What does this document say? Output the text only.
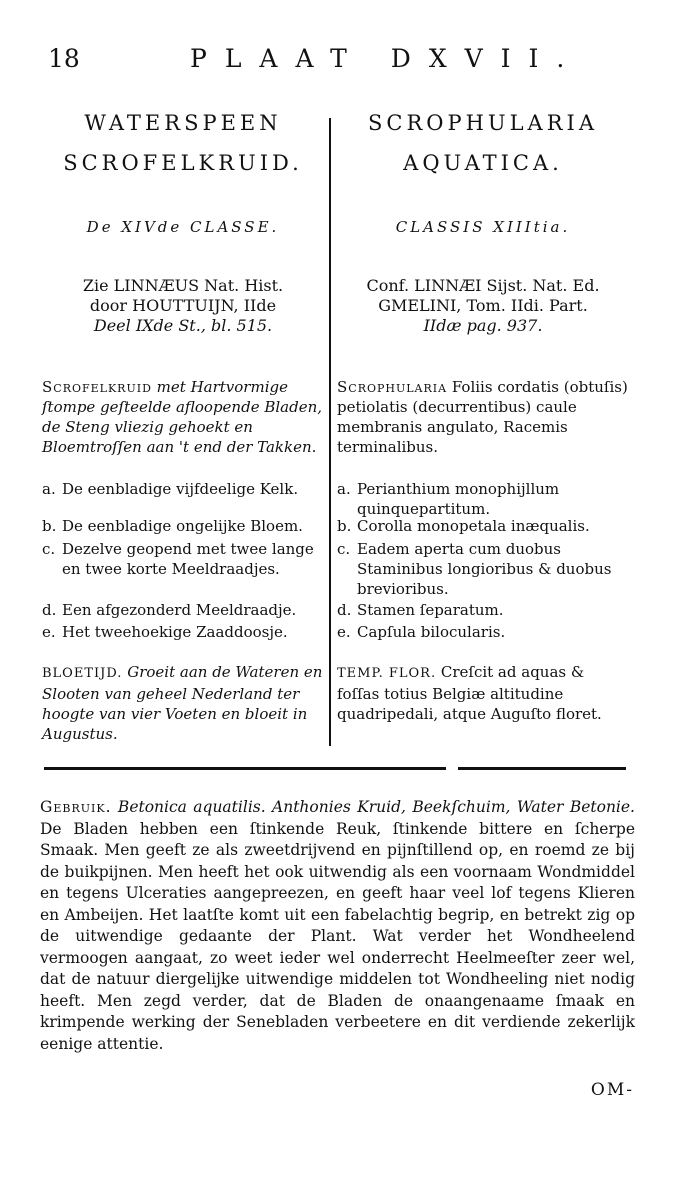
18	PLAAT DXVII.
WATERSPEEN
SCROFELKRUID.
De XIVde CLASSE.
Zie LINNÆUS Nat. Hist.
door HOUTTUIJN, IIde
Deel IXde St., bl. 515.
Scrofelkruid met Hartvormige ſtompe geſteelde afloopende Bladen, de Steng vliezig gehoekt en Bloemtroſſen aan 't end der Takken.
a. De eenbladige vijfdeelige Kelk.
b. De eenbladige ongelijke Bloem.
c. Dezelve geopend met twee lange en twee korte Meeldraadjes.
d. Een afgezonderd Meeldraadje.
e. Het tweehoekige Zaaddoosje.
BLOETIJD. Groeit aan de Wateren en Slooten van geheel Nederland ter hoogte van vier Voeten en bloeit in Augustus.
SCROPHULARIA
AQUATICA.
CLASSIS XIIItia.
Conf. LINNÆI Sijst. Nat. Ed.
GMELINI, Tom. IIdi. Part.
IIdæ pag. 937.
Scrophularia Foliis cordatis (obtuſis) petiolatis (decurrentibus) caule membranis angulato, Racemis terminalibus.
a. Perianthium monophijllum quinquepartitum.
b. Corolla monopetala inæqualis.
c. Eadem aperta cum duobus Staminibus longioribus & duobus brevioribus.
d. Stamen ſeparatum.
e. Capſula bilocularis.
TEMP. FLOR. Creſcit ad aquas & foſſas totius Belgiæ altitudine quadripedali, atque Auguſto floret.
Gebruik. Betonica aquatilis. Anthonies Kruid, Beekſchuim, Water Betonie. De Bladen hebben een ſtinkende Reuk, ſtinkende bittere en ſcherpe Smaak. Men geeft ze als zweetdrijvend en pijnſtillend op, en roemd ze bij de buikpijnen. Men heeft het ook uitwendig als een voornaam Wondmiddel en tegens Ulceraties aangepreezen, en geeft haar veel lof tegens Klieren en Ambeijen. Het laatſte komt uit een fabelachtig begrip, en betrekt zig op de uitwendige gedaante der Plant. Wat verder het Wondheelend vermoogen aangaat, zo weet ieder wel onderrecht Heelmeeſter zeer wel, dat de natuur diergelijke uitwendige middelen tot Wondheeling niet nodig heeft. Men zegd verder, dat de Bladen de onaangenaame ſmaak en krimpende werking der Senebladen verbeetere en dit verdiende zekerlijk eenige attentie.
OM-
